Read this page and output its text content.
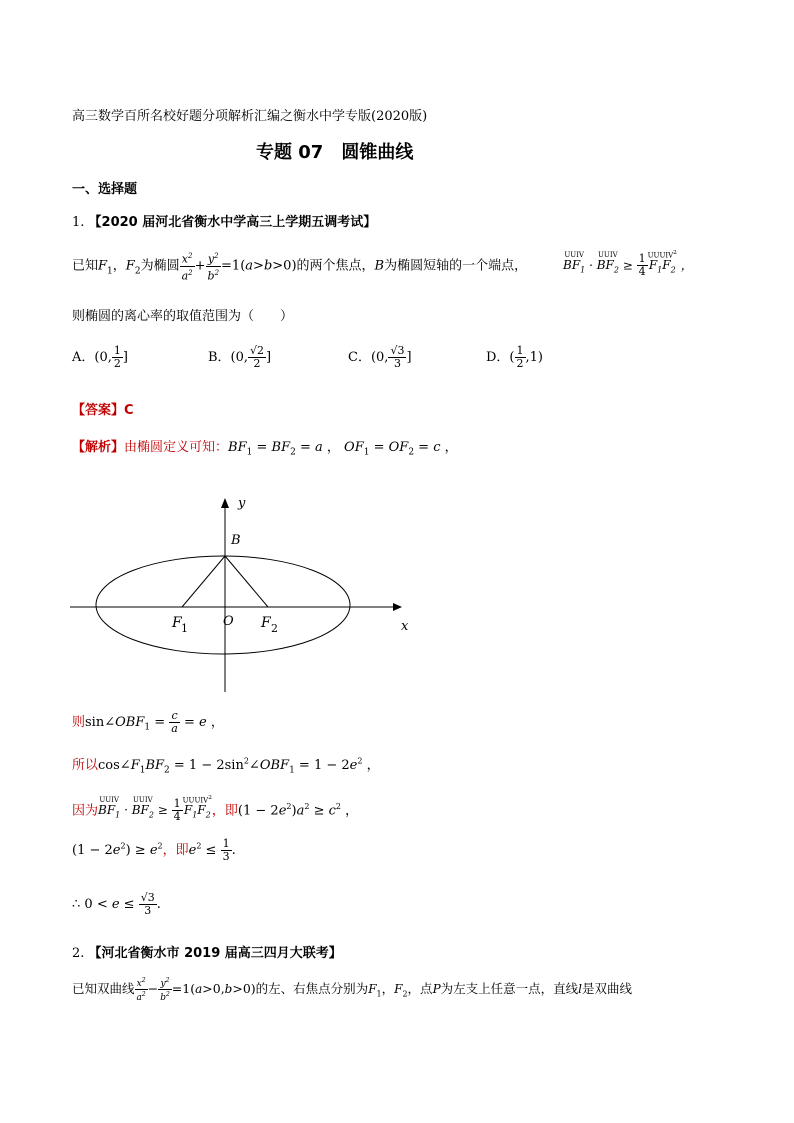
高三数学百所名校好题分项解析汇编之衡水中学专版(2020版)
专题 07　圆锥曲线
一、选择题
1. 【2020 届河北省衡水中学高三上学期五调考试】
已知$F_1$，$F_2$为椭圆 $\frac{x^2}{a^2} + \frac{y^2}{b^2} =1(a>b>0)$的两个焦点，B为椭圆短轴的一个端点，
UUIV
$BF_1$ ·
UUIV
$BF_2 \ge \frac{1}{4}$ UUUIV$^2$
$F_1F_2$ ，
则椭圆的离心率的取值范围为（　　）
A．(0, $\frac{1}{2}$ ]	B．(0, $\frac{√2}{2}$ ]	C．(0, $\frac{√3}{3}$ ]	D．( $\frac{1}{2} ,1$)
【答案】C
【解析】由椭圆定义可知：$BF_1 = BF_2 = a$ ， $OF_1 = OF_2 = c$ ，
y
x
B
O
F 1	F 2
则$\sin\angle OBF_1 = \frac{c}{a} = e$ ，
所以$\cos\angle F_1BF_2 = 1$ − $2\sin^2\angle OBF_1 = 1 - 2e^2$ ，
因为
UUIV
$BF_1$ ·
UUIV
$BF_2 \ge \frac{1}{4}$ UUUIV$^2$
$F_1F_2$，即$(1 - 2e^2)a^2 \ge c^2$ ，
$(1 - 2e^2) \ge e^2$，即$e^2 \le \frac{1}{3}$ .
∴ $0 < e \le \frac{√3}{3}$ .
2. 【河北省衡水市 2019 届高三四月大联考】
已知双曲线 $\frac{x^2}{a^2} - \frac{y^2}{b^2} =1(a>0,b>0)$的左、右焦点分别为$F_1$，$F_2$，点P为左支上任意一点，直线l是双曲线
